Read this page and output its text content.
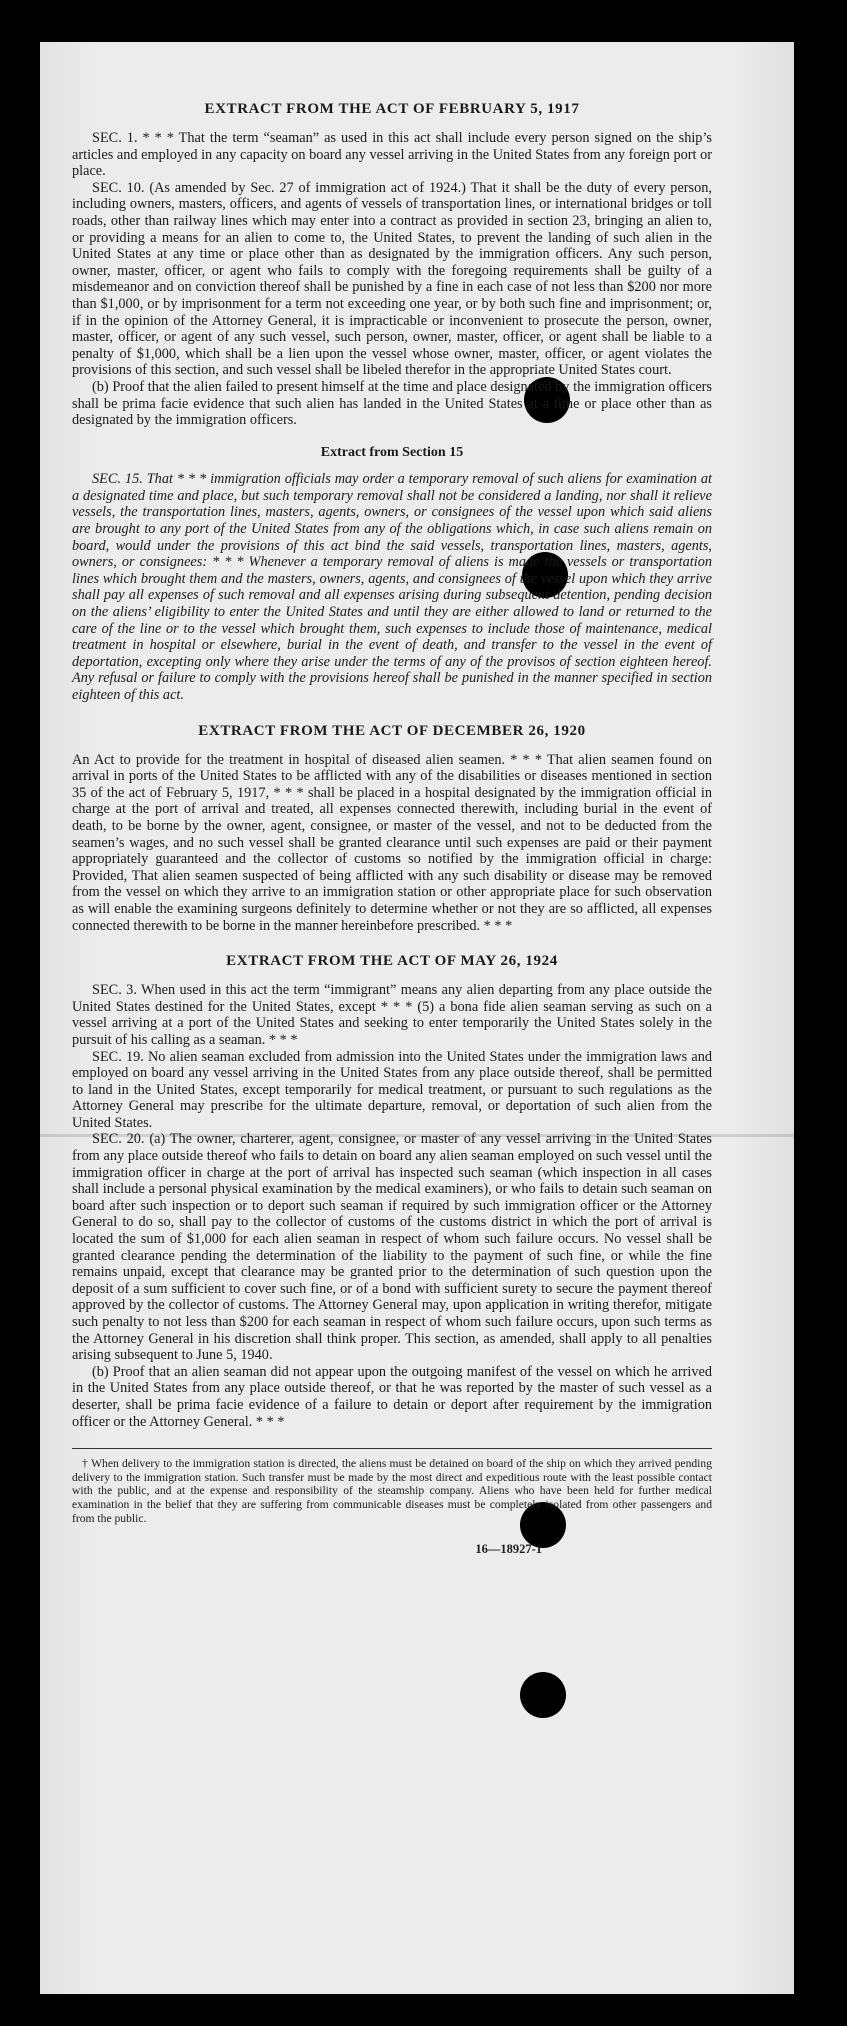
EXTRACT FROM THE ACT OF FEBRUARY 5, 1917

SEC. 1. * * * That the term “seaman” as used in this act shall include every person signed on the ship’s articles and employed in any capacity on board any vessel arriving in the United States from any foreign port or place.

SEC. 10. (As amended by Sec. 27 of immigration act of 1924.) That it shall be the duty of every person, including owners, masters, officers, and agents of vessels of transportation lines, or international bridges or toll roads, other than railway lines which may enter into a contract as provided in section 23, bringing an alien to, or providing a means for an alien to come to, the United States, to prevent the landing of such alien in the United States at any time or place other than as designated by the immigration officers. Any such person, owner, master, officer, or agent who fails to comply with the foregoing requirements shall be guilty of a misdemeanor and on conviction thereof shall be punished by a fine in each case of not less than $200 nor more than $1,000, or by imprisonment for a term not exceeding one year, or by both such fine and imprisonment; or, if in the opinion of the Attorney General, it is impracticable or inconvenient to prosecute the person, owner, master, officer, or agent of any such vessel, such person, owner, master, officer, or agent shall be liable to a penalty of $1,000, which shall be a lien upon the vessel whose owner, master, officer, or agent violates the provisions of this section, and such vessel shall be libeled therefor in the appropriate United States court.

(b) Proof that the alien failed to present himself at the time and place designated by the immigration officers shall be prima facie evidence that such alien has landed in the United States at a time or place other than as designated by the immigration officers.

Extract from Section 15

SEC. 15. That * * * immigration officials may order a temporary removal of such aliens for examination at a designated time and place, but such temporary removal shall not be considered a landing, nor shall it relieve vessels, the transportation lines, masters, agents, owners, or consignees of the vessel upon which said aliens are brought to any port of the United States from any of the obligations which, in case such aliens remain on board, would under the provisions of this act bind the said vessels, transportation lines, masters, agents, owners, or consignees: * * * Whenever a temporary removal of aliens is made the vessels or transportation lines which brought them and the masters, owners, agents, and consignees of the vessel upon which they arrive shall pay all expenses of such removal and all expenses arising during subsequent detention, pending decision on the aliens’ eligibility to enter the United States and until they are either allowed to land or returned to the care of the line or to the vessel which brought them, such expenses to include those of maintenance, medical treatment in hospital or elsewhere, burial in the event of death, and transfer to the vessel in the event of deportation, excepting only where they arise under the terms of any of the provisos of section eighteen hereof. Any refusal or failure to comply with the provisions hereof shall be punished in the manner specified in section eighteen of this act.

EXTRACT FROM THE ACT OF DECEMBER 26, 1920

An Act to provide for the treatment in hospital of diseased alien seamen. * * * That alien seamen found on arrival in ports of the United States to be afflicted with any of the disabilities or diseases mentioned in section 35 of the act of February 5, 1917, * * * shall be placed in a hospital designated by the immigration official in charge at the port of arrival and treated, all expenses connected therewith, including burial in the event of death, to be borne by the owner, agent, consignee, or master of the vessel, and not to be deducted from the seamen’s wages, and no such vessel shall be granted clearance until such expenses are paid or their payment appropriately guaranteed and the collector of customs so notified by the immigration official in charge: Provided, That alien seamen suspected of being afflicted with any such disability or disease may be removed from the vessel on which they arrive to an immigration station or other appropriate place for such observation as will enable the examining surgeons definitely to determine whether or not they are so afflicted, all expenses connected therewith to be borne in the manner hereinbefore prescribed. * * *

EXTRACT FROM THE ACT OF MAY 26, 1924

SEC. 3. When used in this act the term “immigrant” means any alien departing from any place outside the United States destined for the United States, except * * * (5) a bona fide alien seaman serving as such on a vessel arriving at a port of the United States and seeking to enter temporarily the United States solely in the pursuit of his calling as a seaman. * * *

SEC. 19. No alien seaman excluded from admission into the United States under the immigration laws and employed on board any vessel arriving in the United States from any place outside thereof, shall be permitted to land in the United States, except temporarily for medical treatment, or pursuant to such regulations as the Attorney General may prescribe for the ultimate departure, removal, or deportation of such alien from the United States.

SEC. 20. (a) The owner, charterer, agent, consignee, or master of any vessel arriving in the United States from any place outside thereof who fails to detain on board any alien seaman employed on such vessel until the immigration officer in charge at the port of arrival has inspected such seaman (which inspection in all cases shall include a personal physical examination by the medical examiners), or who fails to detain such seaman on board after such inspection or to deport such seaman if required by such immigration officer or the Attorney General to do so, shall pay to the collector of customs of the customs district in which the port of arrival is located the sum of $1,000 for each alien seaman in respect of whom such failure occurs. No vessel shall be granted clearance pending the determination of the liability to the payment of such fine, or while the fine remains unpaid, except that clearance may be granted prior to the determination of such question upon the deposit of a sum sufficient to cover such fine, or of a bond with sufficient surety to secure the payment thereof approved by the collector of customs. The Attorney General may, upon application in writing therefor, mitigate such penalty to not less than $200 for each seaman in respect of whom such failure occurs, upon such terms as the Attorney General in his discretion shall think proper. This section, as amended, shall apply to all penalties arising subsequent to June 5, 1940.

(b) Proof that an alien seaman did not appear upon the outgoing manifest of the vessel on which he arrived in the United States from any place outside thereof, or that he was reported by the master of such vessel as a deserter, shall be prima facie evidence of a failure to detain or deport after requirement by the immigration officer or the Attorney General. * * *

† When delivery to the immigration station is directed, the aliens must be detained on board of the ship on which they arrived pending delivery to the immigration station. Such transfer must be made by the most direct and expeditious route with the least possible contact with the public, and at the expense and responsibility of the steamship company. Aliens who have been held for further medical examination in the belief that they are suffering from communicable diseases must be completely isolated from other passengers and from the public.

16—18927-1
